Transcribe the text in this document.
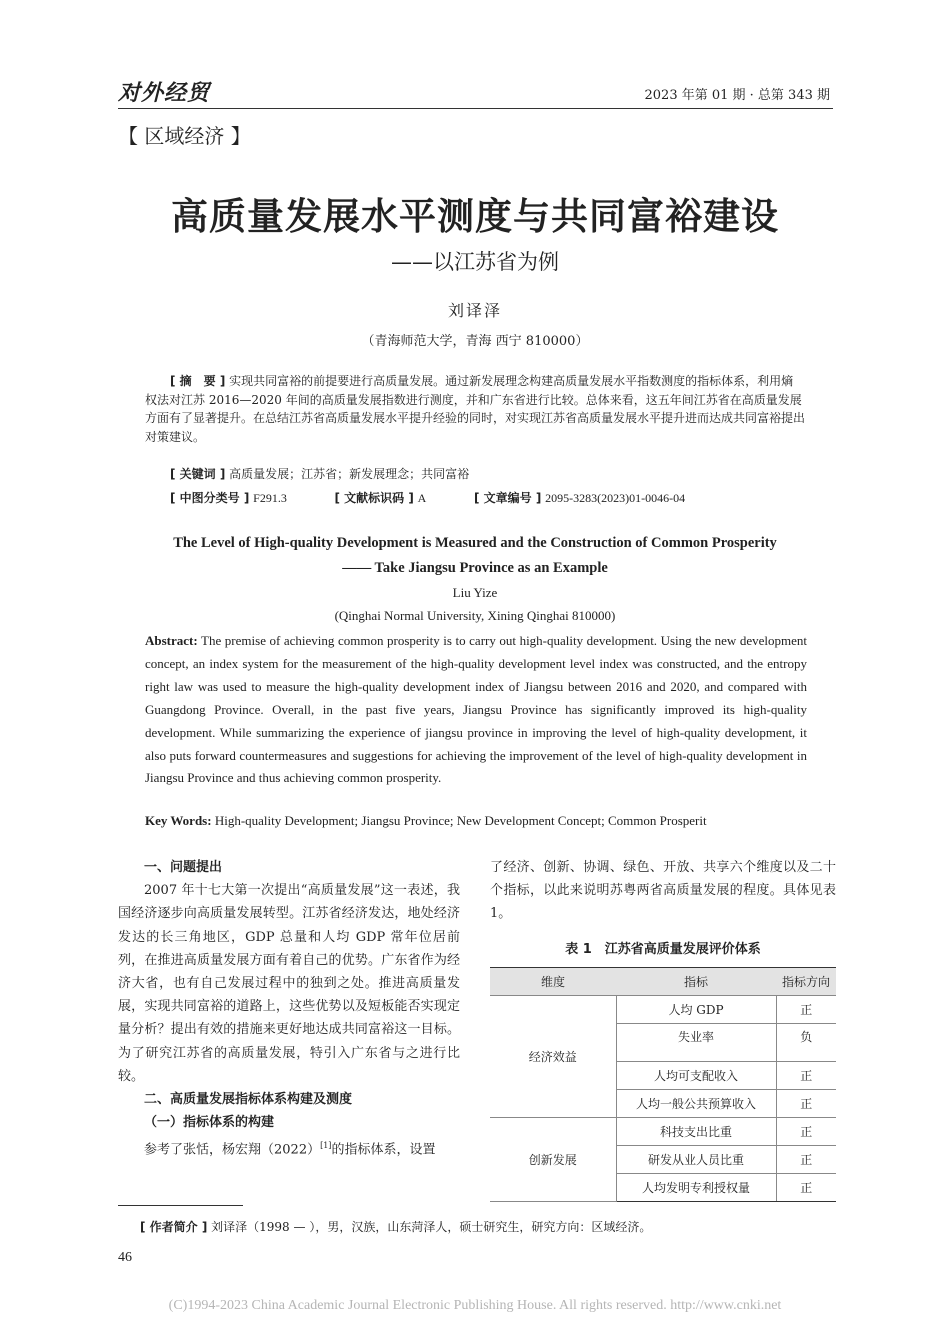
对外经贸	2023 年第 01 期 · 总第 343 期
【 区域经济 】
高质量发展水平测度与共同富裕建设
——以江苏省为例
刘译泽
（青海师范大学，青海 西宁 810000）
[ 摘　要 ] 实现共同富裕的前提要进行高质量发展。通过新发展理念构建高质量发展水平指数测度的指标体系，利用熵权法对江苏 2016—2020 年间的高质量发展指数进行测度，并和广东省进行比较。总体来看，这五年间江苏省在高质量发展方面有了显著提升。在总结江苏省高质量发展水平提升经验的同时，对实现江苏省高质量发展水平提升进而达成共同富裕提出对策建议。
[ 关键词 ] 高质量发展；江苏省；新发展理念；共同富裕
[ 中图分类号 ] F291.3	[ 文献标识码 ] A	[ 文章编号 ] 2095-3283(2023)01-0046-04
The Level of High-quality Development is Measured and the Construction of Common Prosperity
—— Take Jiangsu Province as an Example
Liu Yize
(Qinghai Normal University, Xining Qinghai 810000)
Abstract: The premise of achieving common prosperity is to carry out high-quality development. Using the new development concept, an index system for the measurement of the high-quality development level index was constructed, and the entropy right law was used to measure the high-quality development index of Jiangsu between 2016 and 2020, and compared with Guangdong Province. Overall, in the past five years, Jiangsu Province has significantly improved its high-quality development. While summarizing the experience of jiangsu province in improving the level of high-quality development, it also puts forward countermeasures and suggestions for achieving the improvement of the level of high-quality development in Jiangsu Province and thus achieving common prosperity.
Key Words: High-quality Development; Jiangsu Province; New Development Concept; Common Prosperit
一、问题提出

2007 年十七大第一次提出“高质量发展”这一表述，我国经济逐步向高质量发展转型。江苏省经济发达，地处经济发达的长三角地区，GDP 总量和人均 GDP 常年位居前列，在推进高质量发展方面有着自己的优势。广东省作为经济大省，也有自己发展过程中的独到之处。推进高质量发展，实现共同富裕的道路上，这些优势以及短板能否实现定量分析？提出有效的措施来更好地达成共同富裕这一目标。为了研究江苏省的高质量发展，特引入广东省与之进行比较。

二、高质量发展指标体系构建及测度
（一）指标体系的构建

参考了张恬，杨宏翔（2022）[1]的指标体系，设置

了经济、创新、协调、绿色、开放、共享六个维度以及二十个指标，以此来说明苏粤两省高质量发展的程度。具体见表 1。

表 1　江苏省高质量发展评价体系
维度	指标	指标方向
经济效益	人均 GDP	正
	失业率	负
	人均可支配收入	正
	人均一般公共预算收入	正
创新发展	科技支出比重	正
	研发从业人员比重	正
	人均发明专利授权量	正
[ 作者简介 ] 刘译泽（1998 — ），男，汉族，山东菏泽人，硕士研究生，研究方向：区域经济。
46
(C)1994-2023 China Academic Journal Electronic Publishing House. All rights reserved. http://www.cnki.net
